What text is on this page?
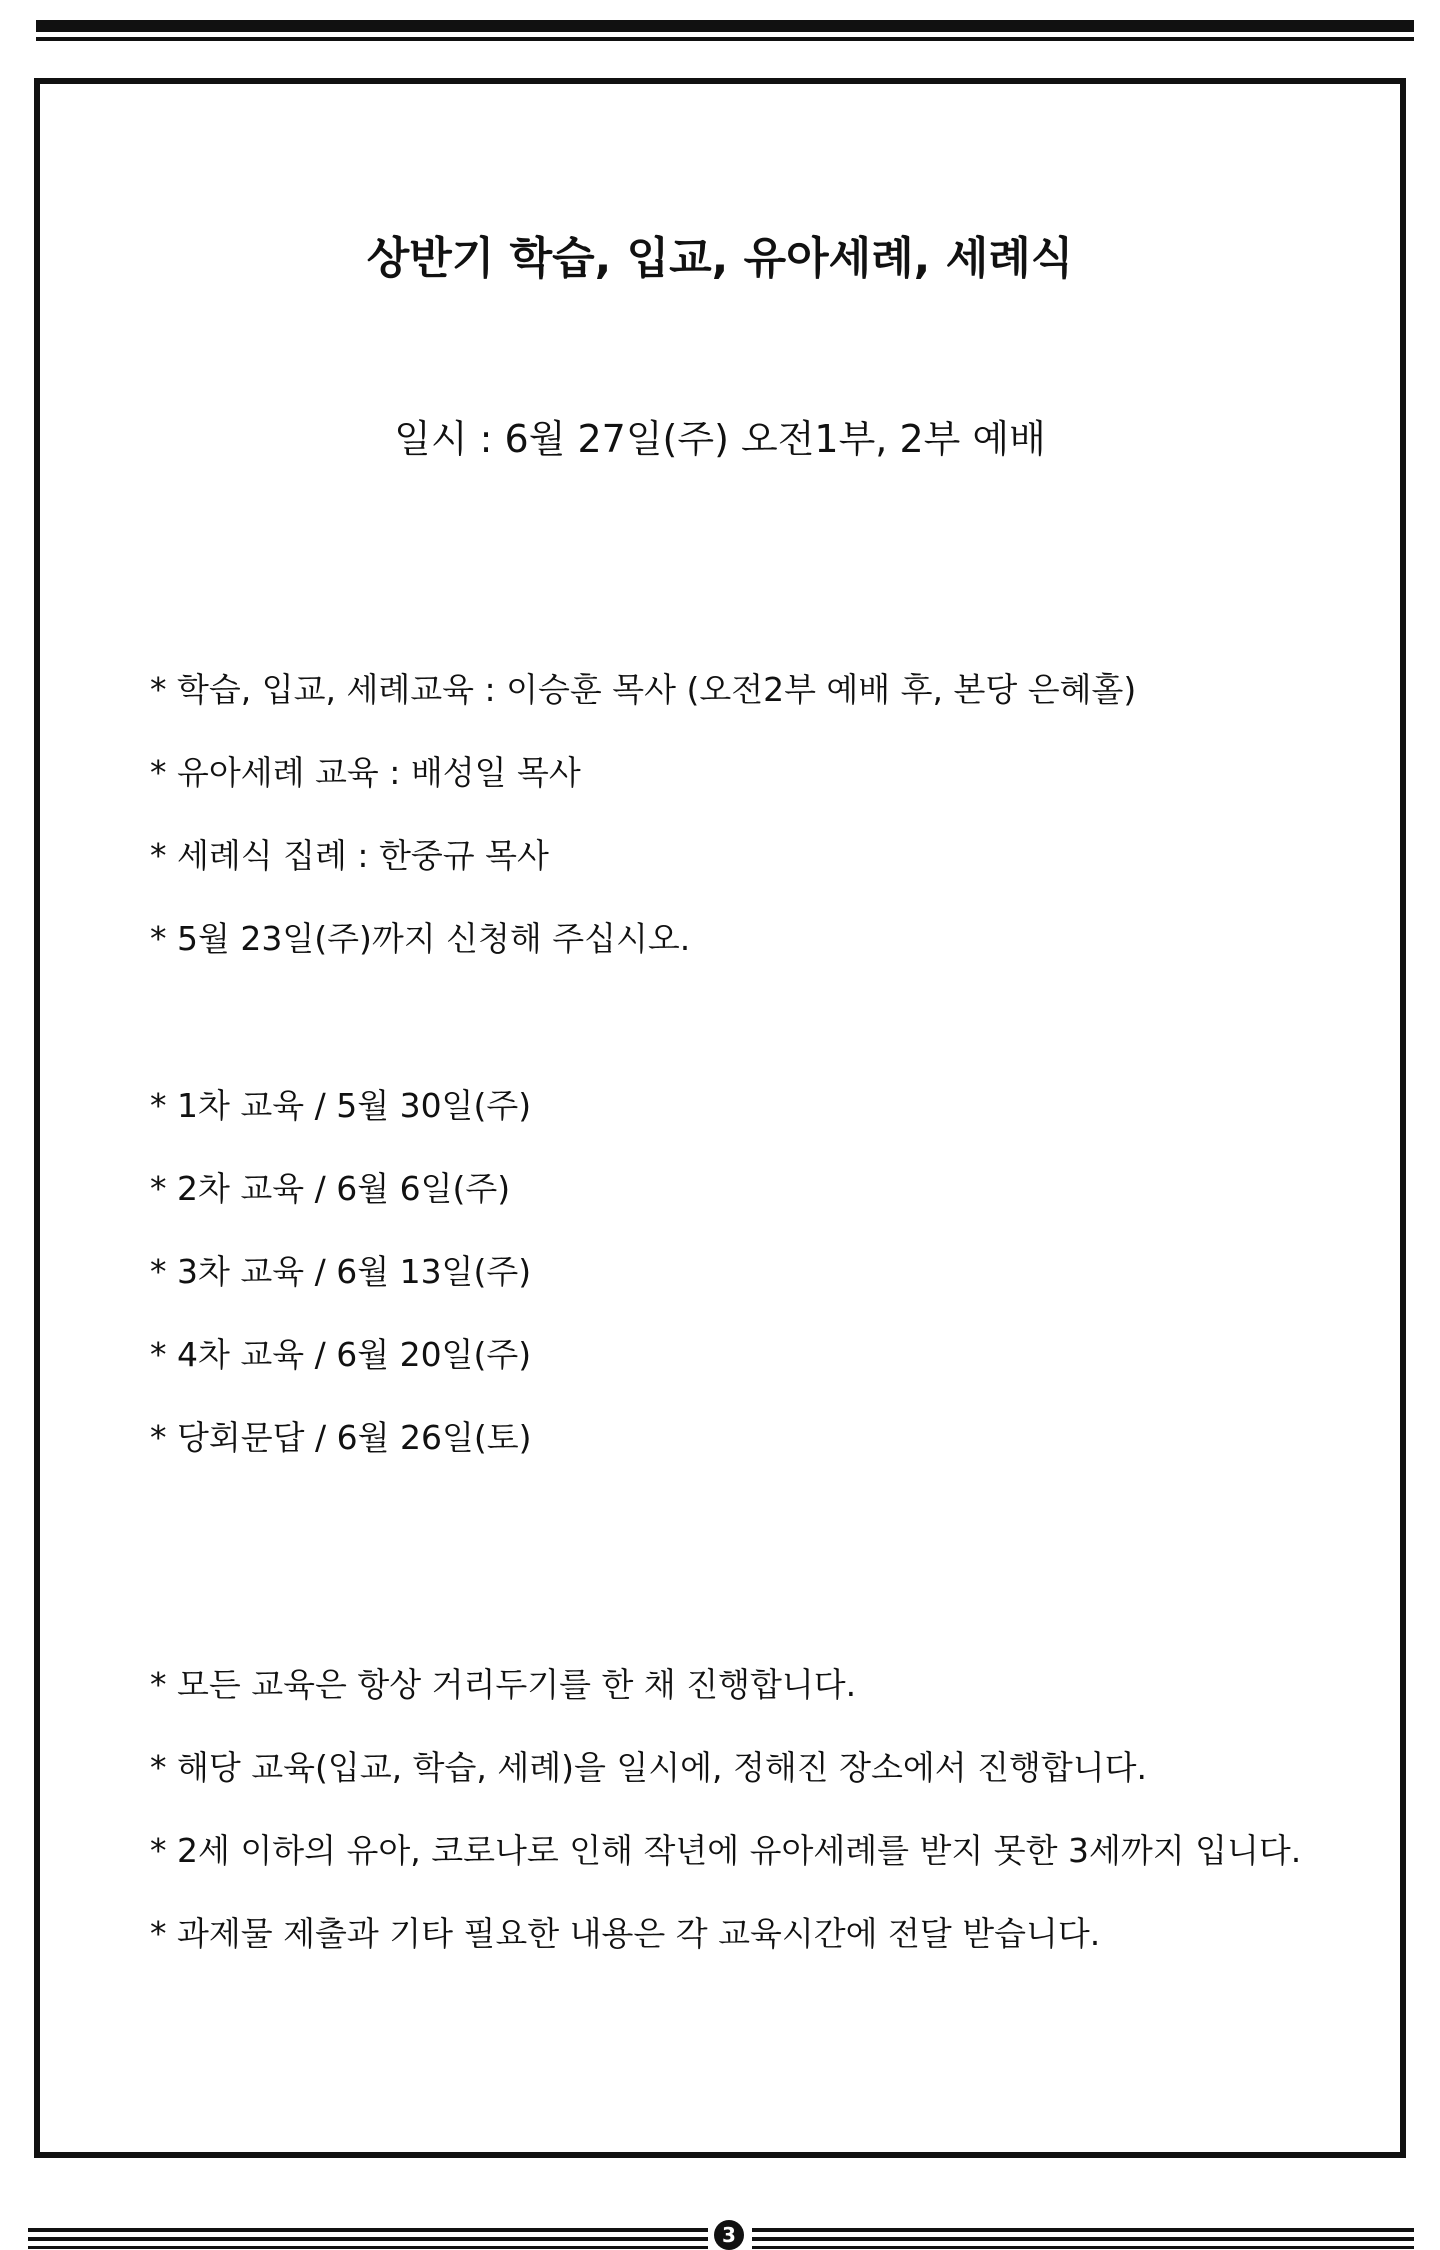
상반기 학습, 입교, 유아세례, 세례식

일시 : 6월 27일(주) 오전1부, 2부 예배

* 학습, 입교, 세례교육 : 이승훈 목사 (오전2부 예배 후, 본당 은혜홀)
* 유아세례 교육 : 배성일 목사
* 세례식 집례 : 한중규 목사
* 5월 23일(주)까지 신청해 주십시오.
* 1차 교육 / 5월 30일(주)
* 2차 교육 / 6월 6일(주)
* 3차 교육 / 6월 13일(주)
* 4차 교육 / 6월 20일(주)
* 당회문답 / 6월 26일(토)
* 모든 교육은 항상 거리두기를 한 채 진행합니다.
* 해당 교육(입교, 학습, 세례)을 일시에, 정해진 장소에서 진행합니다.
* 2세 이하의 유아, 코로나로 인해 작년에 유아세례를 받지 못한 3세까지 입니다.
* 과제물 제출과 기타 필요한 내용은 각 교육시간에 전달 받습니다.
3
